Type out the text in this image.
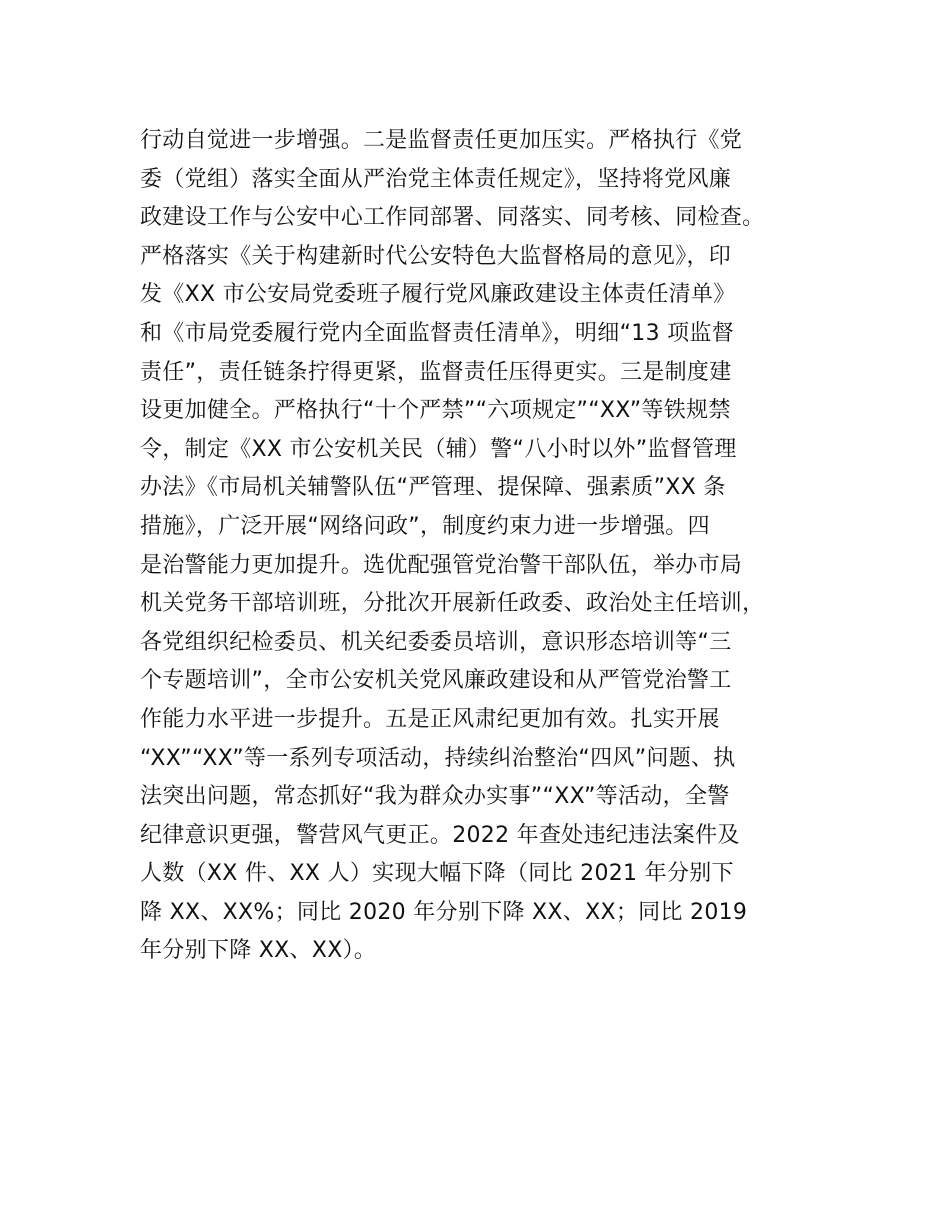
行动自觉进一步增强。二是监督责任更加压实。严格执行《党
委（党组）落实全面从严治党主体责任规定》，坚持将党风廉
政建设工作与公安中心工作同部署、同落实、同考核、同检查。
严格落实《关于构建新时代公安特色大监督格局的意见》，印
发《XX 市公安局党委班子履行党风廉政建设主体责任清单》
和《市局党委履行党内全面监督责任清单》，明细“13 项监督
责任”，责任链条拧得更紧，监督责任压得更实。三是制度建
设更加健全。严格执行“十个严禁”“六项规定”“XX”等铁规禁
令，制定《XX 市公安机关民（辅）警“八小时以外”监督管理
办法》《市局机关辅警队伍“严管理、提保障、强素质”XX 条
措施》，广泛开展“网络问政”，制度约束力进一步增强。四
是治警能力更加提升。选优配强管党治警干部队伍，举办市局
机关党务干部培训班，分批次开展新任政委、政治处主任培训，
各党组织纪检委员、机关纪委委员培训，意识形态培训等“三
个专题培训”，全市公安机关党风廉政建设和从严管党治警工
作能力水平进一步提升。五是正风肃纪更加有效。扎实开展
“XX”“XX”等一系列专项活动，持续纠治整治“四风”问题、执
法突出问题，常态抓好“我为群众办实事”“XX”等活动，全警
纪律意识更强，警营风气更正。2022 年查处违纪违法案件及
人数（XX 件、XX 人）实现大幅下降（同比 2021 年分别下
降 XX、XX%；同比 2020 年分别下降 XX、XX；同比 2019
年分别下降 XX、XX）。
